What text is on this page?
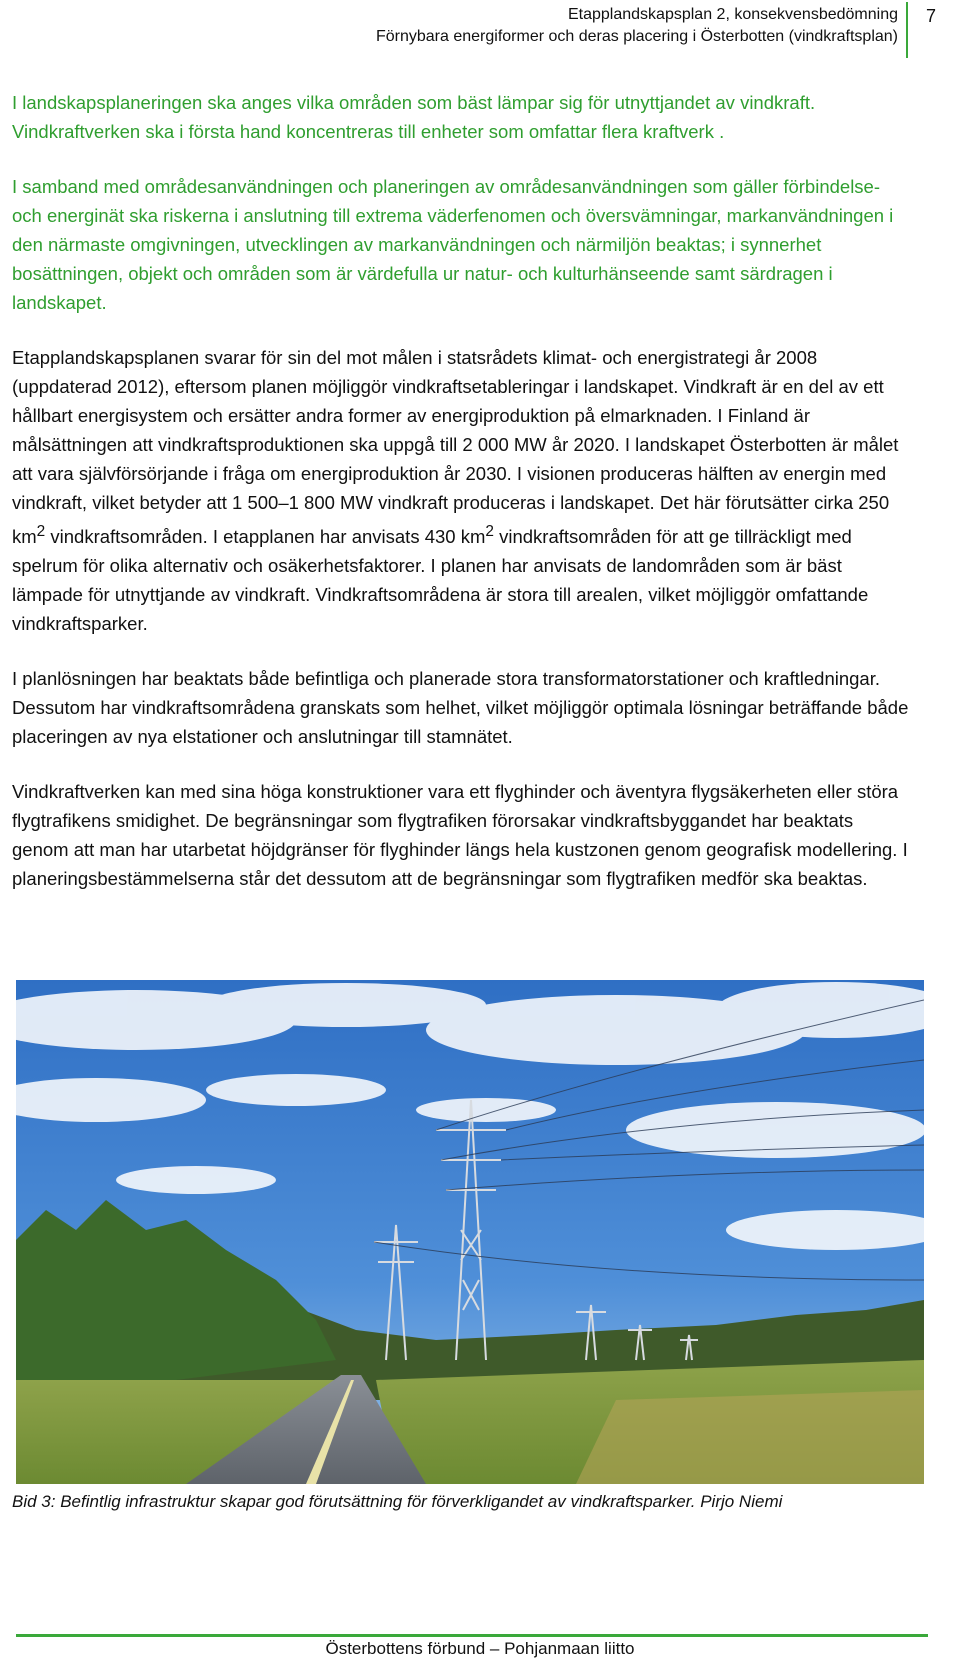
Etapplandskapsplan 2, konsekvensbedömning
Förnybara energiformer och deras placering i Österbotten (vindkraftsplan)
7

I landskapsplaneringen ska anges vilka områden som bäst lämpar sig för utnyttjandet av vindkraft. Vindkraftverken ska i första hand koncentreras till enheter som omfattar flera kraftverk .

I samband med områdesanvändningen och planeringen av områdesanvändningen som gäller förbindelse- och energinät ska riskerna i anslutning till extrema väderfenomen och översvämningar, markanvändningen i den närmaste omgivningen, utvecklingen av markanvändningen och närmiljön beaktas; i synnerhet bosättningen, objekt och områden som är värdefulla ur natur- och kulturhänseende samt särdragen i landskapet.

Etapplandskapsplanen svarar för sin del mot målen i statsrådets klimat- och energistrategi år 2008 (uppdaterad 2012), eftersom planen möjliggör vindkraftsetableringar i landskapet. Vindkraft är en del av ett hållbart energisystem och ersätter andra former av energiproduktion på elmarknaden. I Finland är målsättningen att vindkraftsproduktionen ska uppgå till 2 000 MW år 2020. I landskapet Österbotten är målet att vara självförsörjande i fråga om energiproduktion år 2030. I visionen produceras hälften av energin med vindkraft, vilket betyder att 1 500–1 800 MW vindkraft produceras i landskapet. Det här förutsätter cirka 250 $km^2$ vindkraftsområden. I etapplanen har anvisats 430 $km^2$ vindkraftsområden för att ge tillräckligt med spelrum för olika alternativ och osäkerhetsfaktorer. I planen har anvisats de landområden som är bäst lämpade för utnyttjande av vindkraft. Vindkraftsområdena är stora till arealen, vilket möjliggör omfattande vindkraftsparker.

I planlösningen har beaktats både befintliga och planerade stora transformatorstationer och kraftledningar. Dessutom har vindkraftsområdena granskats som helhet, vilket möjliggör optimala lösningar beträffande både placeringen av nya elstationer och anslutningar till stamnätet.

Vindkraftverken kan med sina höga konstruktioner vara ett flyghinder och äventyra flygsäkerheten eller störa flygtrafikens smidighet. De begränsningar som flygtrafiken förorsakar vindkraftsbyggandet har beaktats genom att man har utarbetat höjdgränser för flyghinder längs hela kustzonen genom geografisk modellering. I planeringsbestämmelserna står det dessutom att de begränsningar som flygtrafiken medför ska beaktas.

Bid 3: Befintlig infrastruktur skapar god förutsättning för förverkligandet av vindkraftsparker. Pirjo Niemi
Österbottens förbund – Pohjanmaan liitto
